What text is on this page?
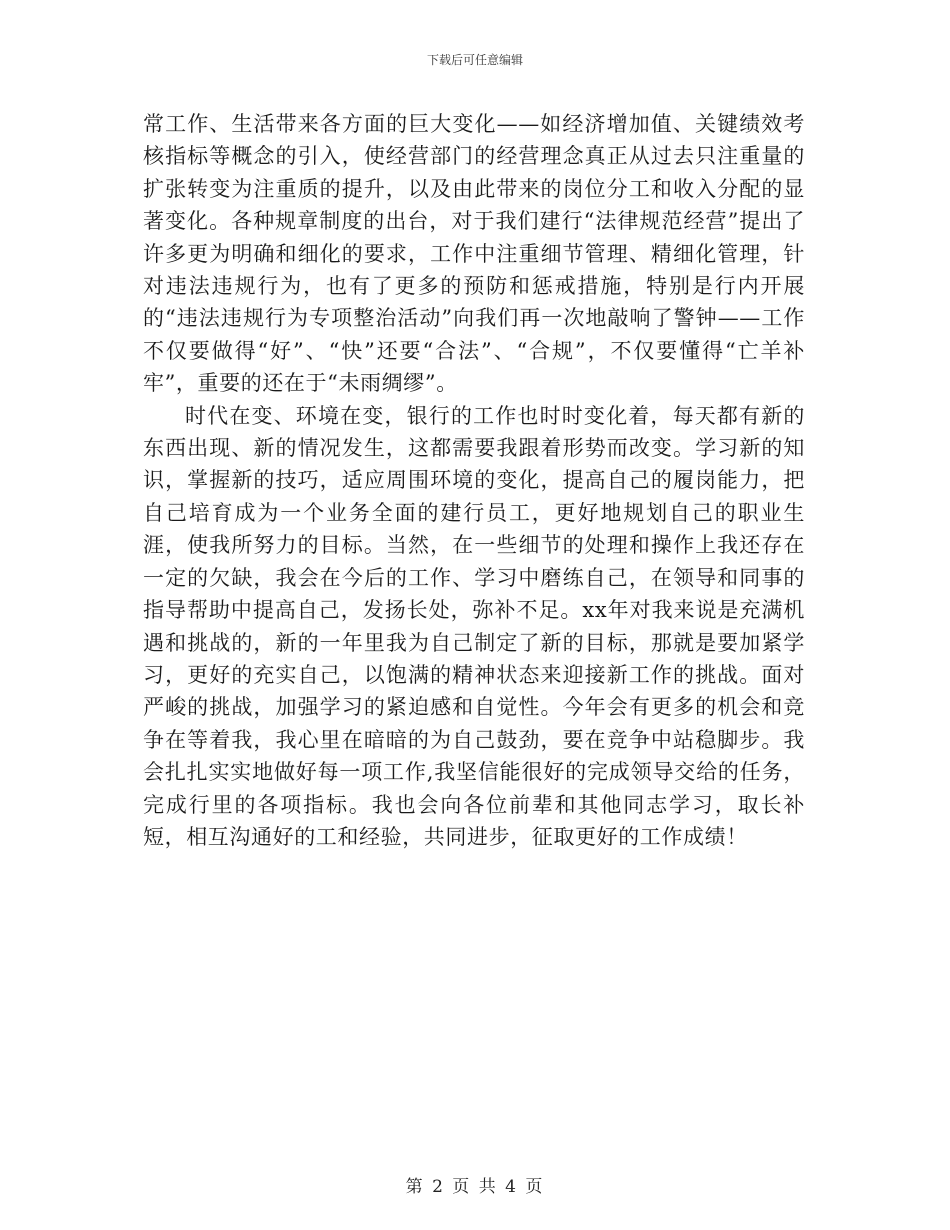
下载后可任意编辑

常工作、生活带来各方面的巨大变化——如经济增加值、关键绩效考核指标等概念的引入，使经营部门的经营理念真正从过去只注重量的扩张转变为注重质的提升，以及由此带来的岗位分工和收入分配的显著变化。各种规章制度的出台，对于我们建行“法律规范经营”提出了许多更为明确和细化的要求，工作中注重细节管理、精细化管理，针对违法违规行为，也有了更多的预防和惩戒措施，特别是行内开展的“违法违规行为专项整治活动”向我们再一次地敲响了警钟——工作不仅要做得“好”、“快”还要“合法”、“合规”，不仅要懂得“亡羊补牢”，重要的还在于“未雨绸缪”。

时代在变、环境在变，银行的工作也时时变化着，每天都有新的东西出现、新的情况发生，这都需要我跟着形势而改变。学习新的知识，掌握新的技巧，适应周围环境的变化，提高自己的履岗能力，把自己培育成为一个业务全面的建行员工，更好地规划自己的职业生涯，使我所努力的目标。当然，在一些细节的处理和操作上我还存在一定的欠缺，我会在今后的工作、学习中磨练自己，在领导和同事的指导帮助中提高自己，发扬长处，弥补不足。xx年对我来说是充满机遇和挑战的，新的一年里我为自己制定了新的目标，那就是要加紧学习，更好的充实自己，以饱满的精神状态来迎接新工作的挑战。面对严峻的挑战，加强学习的紧迫感和自觉性。今年会有更多的机会和竞争在等着我，我心里在暗暗的为自己鼓劲，要在竞争中站稳脚步。我会扎扎实实地做好每一项工作,我坚信能很好的完成领导交给的任务，完成行里的各项指标。我也会向各位前辈和其他同志学习，取长补短，相互沟通好的工和经验，共同进步，征取更好的工作成绩！

第 2 页 共 4 页
